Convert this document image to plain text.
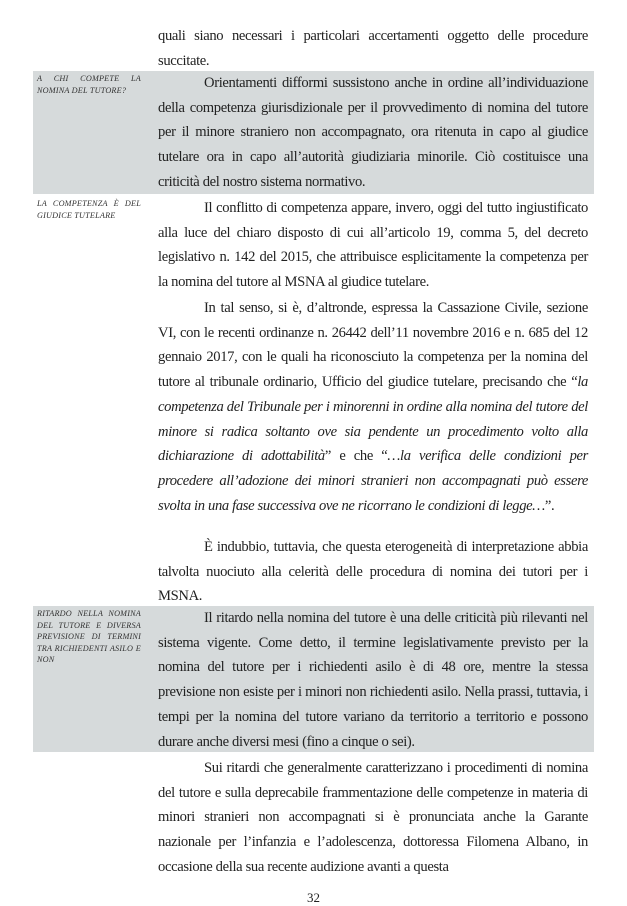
quali siano necessari i particolari accertamenti oggetto delle procedure succitate.
A CHI COMPETE LA NOMINA DEL TUTORE?	Orientamenti difformi sussistono anche in ordine all’individuazione della competenza giurisdizionale per il provvedimento di nomina del tutore per il minore straniero non accompagnato, ora ritenuta in capo al giudice tutelare ora in capo all’autorità giudiziaria minorile. Ciò costituisce una criticità del nostro sistema normativo.
LA COMPETENZA È DEL GIUDICE TUTELARE	Il conflitto di competenza appare, invero, oggi del tutto ingiustificato alla luce del chiaro disposto di cui all’articolo 19, comma 5, del decreto legislativo n. 142 del 2015, che attribuisce esplicitamente la competenza per la nomina del tutore al MSNA al giudice tutelare.
In tal senso, si è, d’altronde, espressa la Cassazione Civile, sezione VI, con le recenti ordinanze n. 26442 dell’11 novembre 2016 e n. 685 del 12 gennaio 2017, con le quali ha riconosciuto la competenza per la nomina del tutore al tribunale ordinario, Ufficio del giudice tutelare, precisando che “la competenza del Tribunale per i minorenni in ordine alla nomina del tutore del minore si radica soltanto ove sia pendente un procedimento volto alla dichiarazione di adottabilità” e che “…la verifica delle condizioni per procedere all’adozione dei minori stranieri non accompagnati può essere svolta in una fase successiva ove ne ricorrano le condizioni di legge…”.
È indubbio, tuttavia, che questa eterogeneità di interpretazione abbia talvolta nuociuto alla celerità delle procedura di nomina dei tutori per i MSNA.
RITARDO NELLA NOMINA DEL TUTORE E DIVERSA PREVISIONE DI TERMINI TRA RICHIEDENTI ASILO E NON
Il ritardo nella nomina del tutore è una delle criticità più rilevanti nel sistema vigente. Come detto, il termine legislativamente previsto per la nomina del tutore per i richiedenti asilo è di 48 ore, mentre la stessa previsione non esiste per i minori non richiedenti asilo. Nella prassi, tuttavia, i tempi per la nomina del tutore variano da territorio a territorio e possono durare anche diversi mesi (fino a cinque o sei).
Sui ritardi che generalmente caratterizzano i procedimenti di nomina del tutore e sulla deprecabile frammentazione delle competenze in materia di minori stranieri non accompagnati si è pronunciata anche la Garante nazionale per l’infanzia e l’adolescenza, dottoressa Filomena Albano, in occasione della sua recente audizione avanti a questa
32
